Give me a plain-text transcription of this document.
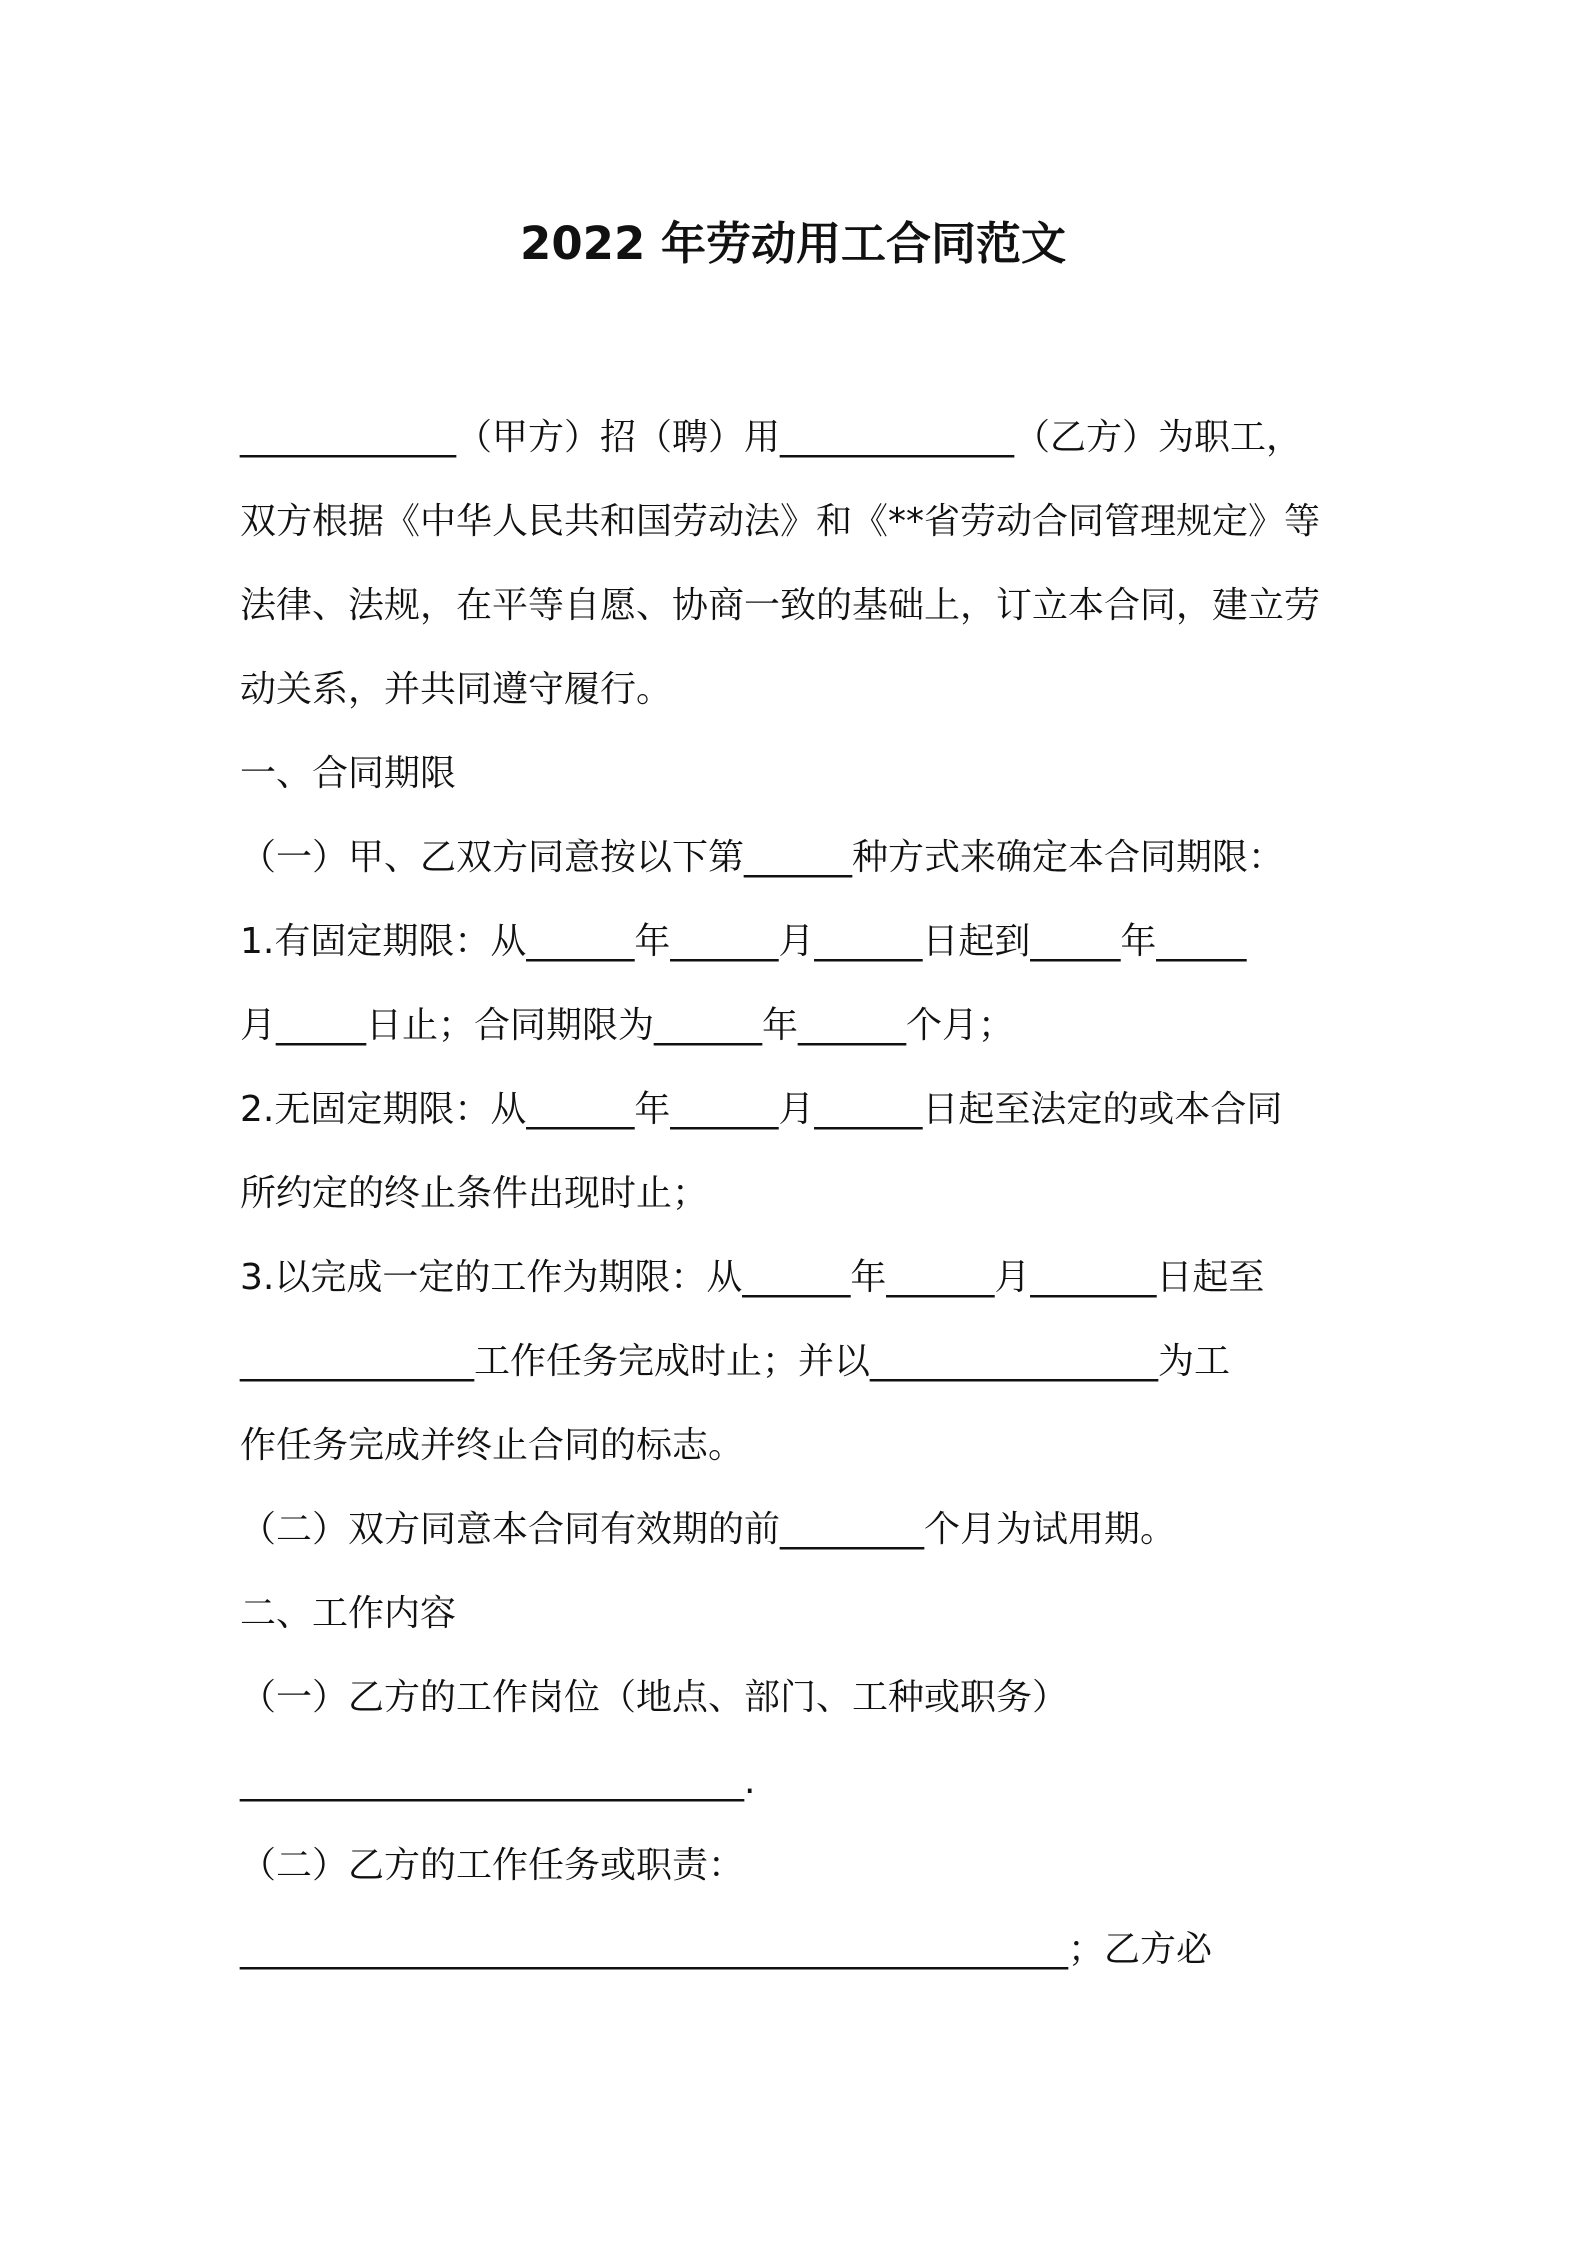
2022 年劳动用工合同范文
____________（甲方）招（聘）用_____________（乙方）为职工，
双方根据《中华人民共和国劳动法》和《**省劳动合同管理规定》等
法律、法规，在平等自愿、协商一致的基础上，订立本合同，建立劳
动关系，并共同遵守履行。
一、合同期限
（一）甲、乙双方同意按以下第______种方式来确定本合同期限：
1.有固定期限：从______年______月______日起到_____年_____
月_____日止；合同期限为______年______个月；
2.无固定期限：从______年______月______日起至法定的或本合同
所约定的终止条件出现时止；
3.以完成一定的工作为期限：从______年______月_______日起至
_____________工作任务完成时止；并以________________为工
作任务完成并终止合同的标志。
（二）双方同意本合同有效期的前________个月为试用期。
二、工作内容
（一）乙方的工作岗位（地点、部门、工种或职务）
____________________________.
（二）乙方的工作任务或职责：
______________________________________________；乙方必
